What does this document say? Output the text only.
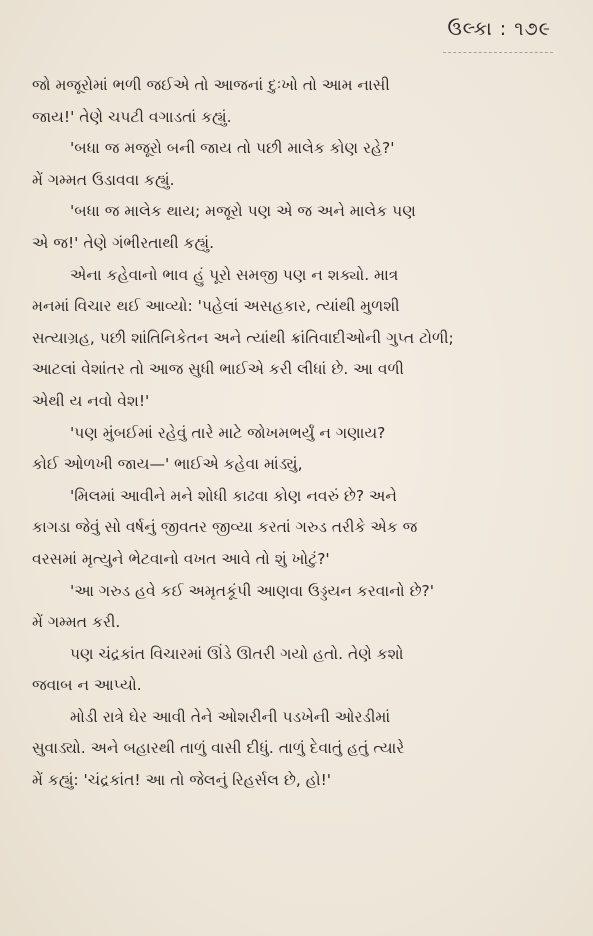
ઉલ્કા : ૧૭૯
જો મજૂરોમાં ભળી જઈએ તો આજનાં દુઃખો તો આમ નાસી
જાય!' તેણે ચપટી વગાડતાં કહ્યું.
'બધા જ મજૂરો બની જાય તો પછી માલેક કોણ રહે?'
મેં ગમ્મત ઉડાવવા કહ્યું.
'બધા જ માલેક થાય; મજૂરો પણ એ જ અને માલેક પણ
એ જ!' તેણે ગંભીરતાથી કહ્યું.
એના કહેવાનો ભાવ હું પૂરો સમજી પણ ન શક્યો. માત્ર
મનમાં વિચાર થઈ આવ્યો: 'પહેલાં અસહકાર, ત્યાંથી મુળશી
સત્યાગ્રહ, પછી શાંતિનિકેતન અને ત્યાંથી ક્રાંતિવાદીઓની ગુપ્ત ટોળી;
આટલાં વેશાંતર તો આજ સુધી ભાઈએ કરી લીધાં છે. આ વળી
એથી ય નવો વેશ!'
'પણ મુંબઈમાં રહેવું તારે માટે જોખમભર્યું ન ગણાય?
કોઈ ઓળખી જાય—' ભાઈએ કહેવા માંડ્યું,
'મિલમાં આવીને મને શોધી કાઢવા કોણ નવરું છે? અને
કાગડા જેવું સો વર્ષનું જીવતર જીવ્યા કરતાં ગરુડ તરીકે એક જ
વરસમાં મૃત્યુને ભેટવાનો વખત આવે તો શું ખોટું?'
'આ ગરુડ હવે કઈ અમૃતકૂંપી આણવા ઉડ્ડયન કરવાનો છે?'
મેં ગમ્મત કરી.
પણ ચંદ્રકાંત વિચારમાં ઊંડે ઊતરી ગયો હતો. તેણે કશો
જવાબ ન આપ્યો.
મોડી રાત્રે ઘેર આવી તેને ઓશરીની પડખેની ઓરડીમાં
સુવાડ્યો. અને બહારથી તાળું વાસી દીધું. તાળું દેવાતું હતું ત્યારે
મેં કહ્યું: 'ચંદ્રકાંત! આ તો જેલનું રિહર્સલ છે, હો!'
